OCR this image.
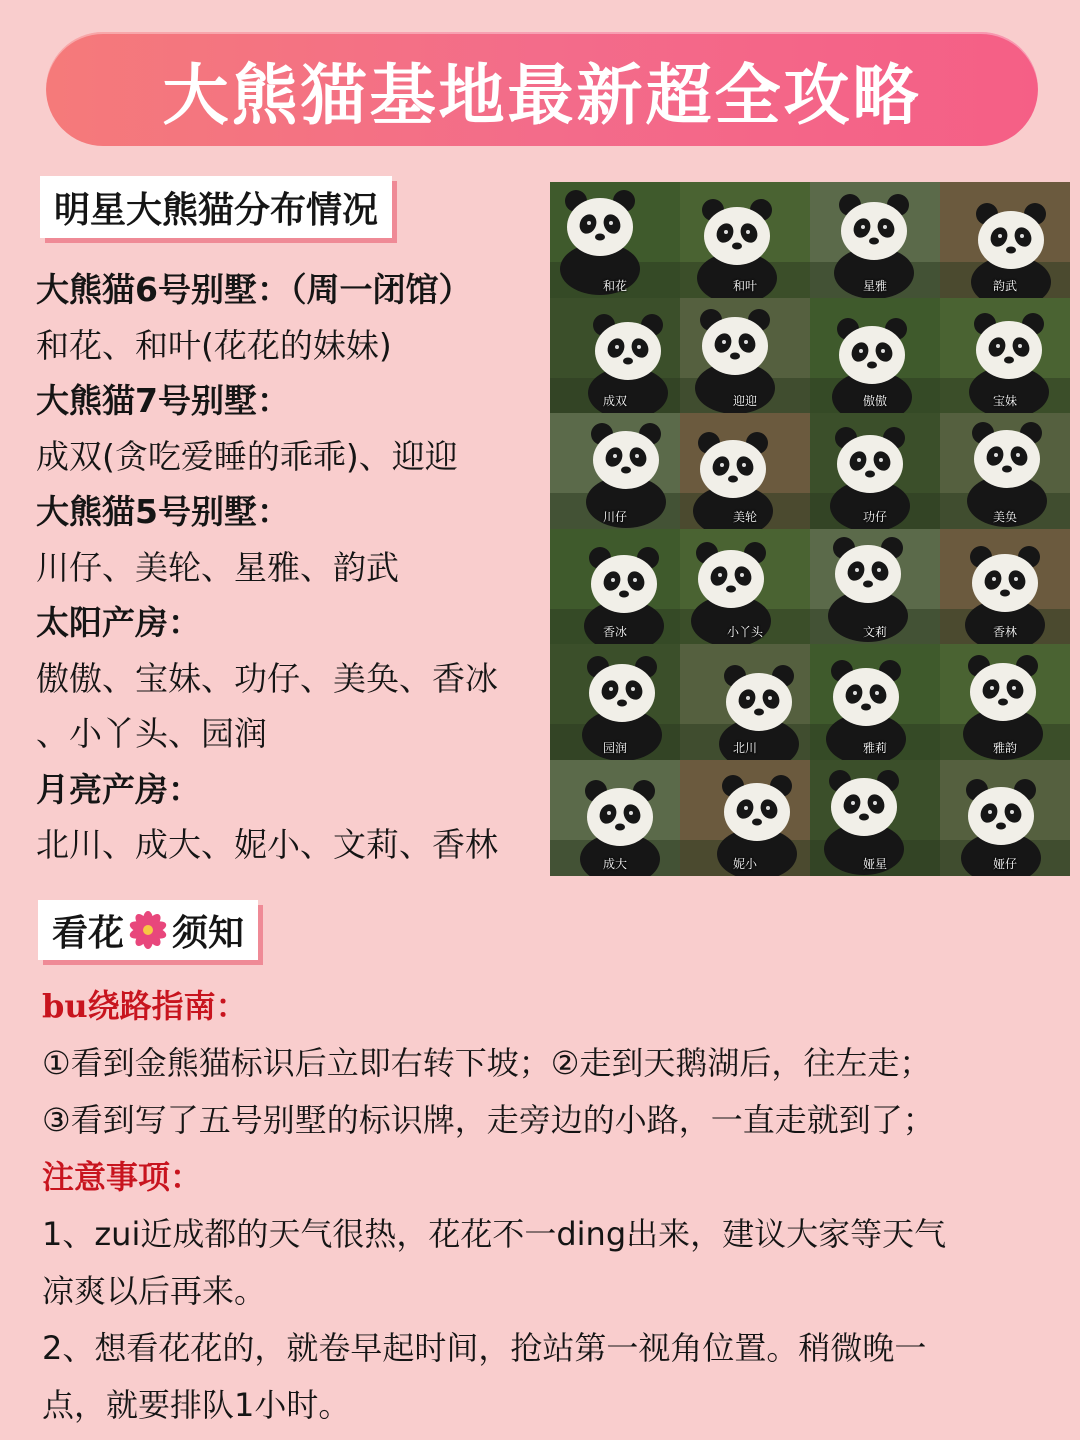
大熊猫基地最新超全攻略
明星大熊猫分布情况
大熊猫6号别墅：（周一闭馆）
和花、和叶(花花的妹妹)
大熊猫7号别墅：
成双(贪吃爱睡的乖乖)、迎迎
大熊猫5号别墅：
川仔、美轮、星雅、韵武
太阳产房：
傲傲、宝妹、功仔、美奂、香冰
、小丫头、园润
月亮产房：
北川、成大、妮小、文莉、香林
和花	和叶	星雅	韵武
成双	迎迎	傲傲	宝妹
川仔	美轮	功仔	美奂
香冰	小丫头	文莉	香林
园润	北川	雅莉	雅韵
成大	妮小	娅星	娅仔
看花 须知
bu绕路指南：
①看到金熊猫标识后立即右转下坡；②走到天鹅湖后，往左走；
③看到写了五号别墅的标识牌，走旁边的小路，一直走就到了；
注意事项：
1、zui近成都的天气很热，花花不一ding出来，建议大家等天气
凉爽以后再来。
2、想看花花的，就卷早起时间，抢站第一视角位置。稍微晚一
点，就要排队1小时。
